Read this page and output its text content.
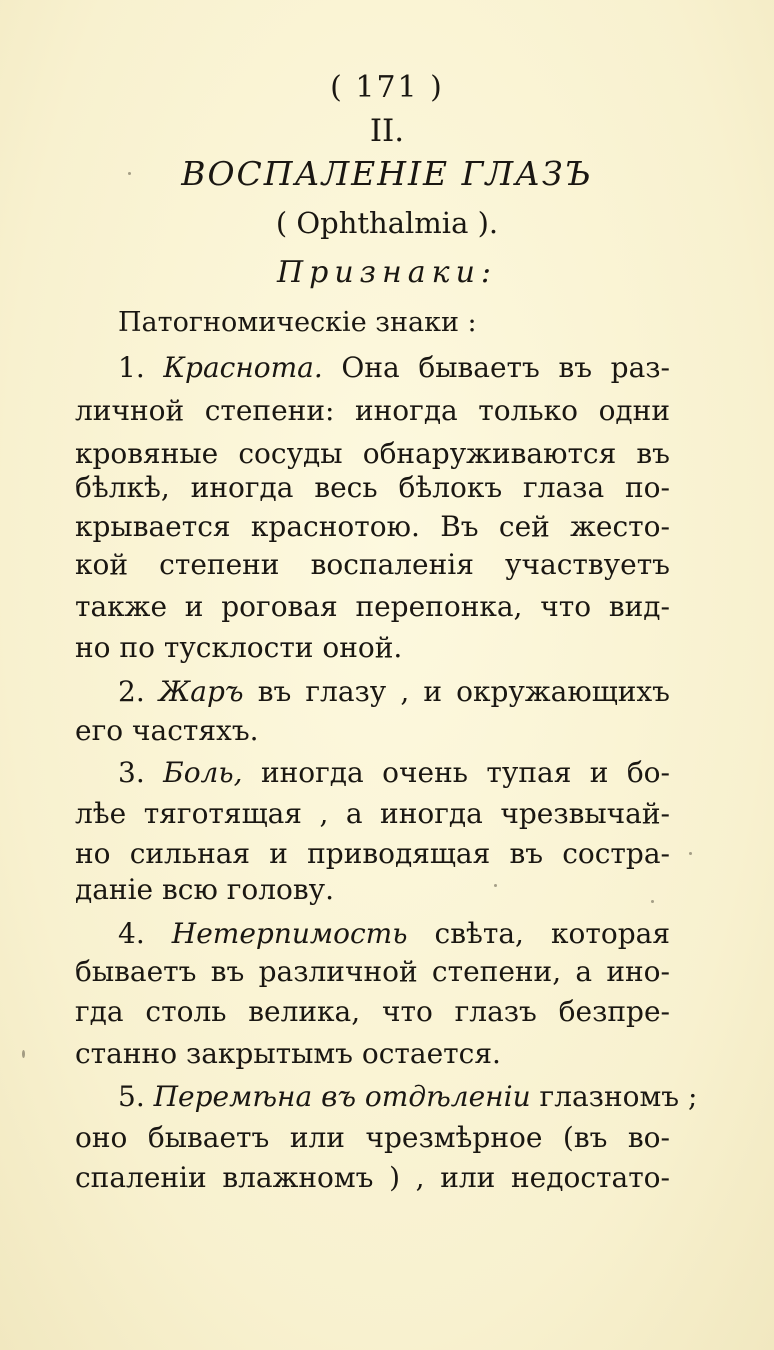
( 171 )
II.
ВОСПАЛЕНІЕ ГЛАЗЪ
( Ophthalmia ).
Признаки:
Патогномическіе знаки :
1. Краснота. Она бываетъ въ раз-
личной степени: иногда только одни
кровяные сосуды обнаруживаются въ
бѣлкѣ, иногда весь бѣлокъ глаза по-
крывается краснотою. Въ сей жесто-
кой степени воспаленія участвуетъ
также и роговая перепонка, что вид-
но по тусклости оной.
2. Жаръ въ глазу , и окружающихъ
его частяхъ.
3. Боль, иногда очень тупая и бо-
лѣе тяготящая , а иногда чрезвычай-
но сильная и приводящая въ сострa-
даніе всю голову.
4. Нетерпимость свѣта, которая
бываетъ въ различной степени, а ино-
гда столь велика, что глазъ безпре-
станно закрытымъ остается.
5. Перемѣна въ отдѣленіи глазномъ ;
оно бываетъ или чрезмѣрное (въ во-
спаленіи влажномъ ) , или недостато-
